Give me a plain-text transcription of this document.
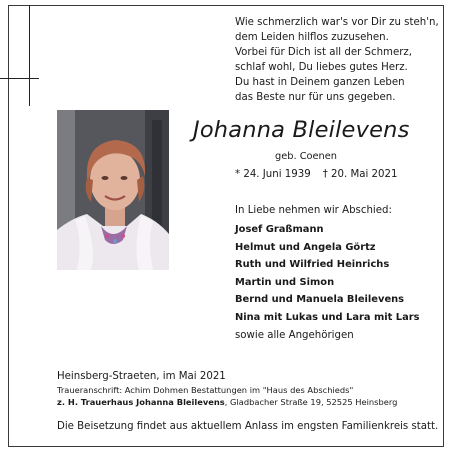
Wie schmerzlich war's vor Dir zu steh'n,
dem Leiden hilflos zuzusehen.
Vorbei für Dich ist all der Schmerz,
schlaf wohl, Du liebes gutes Herz.
Du hast in Deinem ganzen Leben
das Beste nur für uns gegeben.
Johanna Bleilevens
geb. Coenen
* 24. Juni 1939 † 20. Mai 2021
In Liebe nehmen wir Abschied:
Josef Graßmann
Helmut und Angela Görtz
Ruth und Wilfried Heinrichs
Martin und Simon
Bernd und Manuela Bleilevens
Nina mit Lukas und Lara mit Lars
sowie alle Angehörigen
Heinsberg-Straeten, im Mai 2021
Traueranschrift: Achim Dohmen Bestattungen im "Haus des Abschieds"
z. H. Trauerhaus Johanna Bleilevens, Gladbacher Straße 19, 52525 Heinsberg
Die Beisetzung findet aus aktuellem Anlass im engsten Familienkreis statt.
